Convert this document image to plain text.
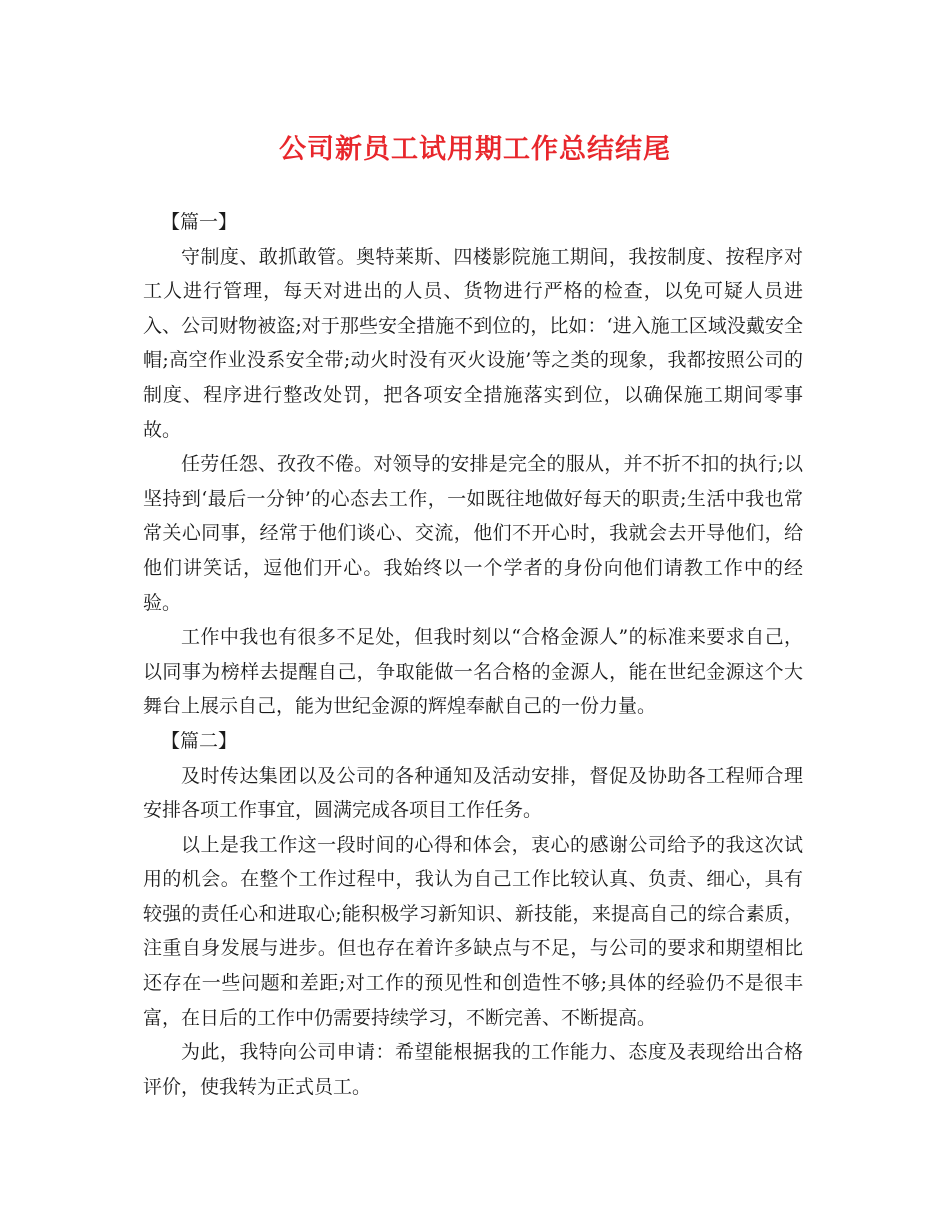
公司新员工试用期工作总结结尾

【篇一】

守制度、敢抓敢管。奥特莱斯、四楼影院施工期间，我按制度、按程序对工人进行管理，每天对进出的人员、货物进行严格的检查，以免可疑人员进入、公司财物被盗;对于那些安全措施不到位的，比如：‘进入施工区域没戴安全帽;高空作业没系安全带;动火时没有灭火设施’等之类的现象，我都按照公司的制度、程序进行整改处罚，把各项安全措施落实到位，以确保施工期间零事故。

任劳任怨、孜孜不倦。对领导的安排是完全的服从，并不折不扣的执行;以坚持到‘最后一分钟’的心态去工作，一如既往地做好每天的职责;生活中我也常常关心同事，经常于他们谈心、交流，他们不开心时，我就会去开导他们，给他们讲笑话，逗他们开心。我始终以一个学者的身份向他们请教工作中的经验。

工作中我也有很多不足处，但我时刻以“合格金源人”的标准来要求自己，以同事为榜样去提醒自己，争取能做一名合格的金源人，能在世纪金源这个大舞台上展示自己，能为世纪金源的辉煌奉献自己的一份力量。

【篇二】

及时传达集团以及公司的各种通知及活动安排，督促及协助各工程师合理安排各项工作事宜，圆满完成各项目工作任务。

以上是我工作这一段时间的心得和体会，衷心的感谢公司给予的我这次试用的机会。在整个工作过程中，我认为自己工作比较认真、负责、细心，具有较强的责任心和进取心;能积极学习新知识、新技能，来提高自己的综合素质，注重自身发展与进步。但也存在着许多缺点与不足，与公司的要求和期望相比还存在一些问题和差距;对工作的预见性和创造性不够;具体的经验仍不是很丰富，在日后的工作中仍需要持续学习，不断完善、不断提高。

为此，我特向公司申请：希望能根据我的工作能力、态度及表现给出合格评价，使我转为正式员工。
